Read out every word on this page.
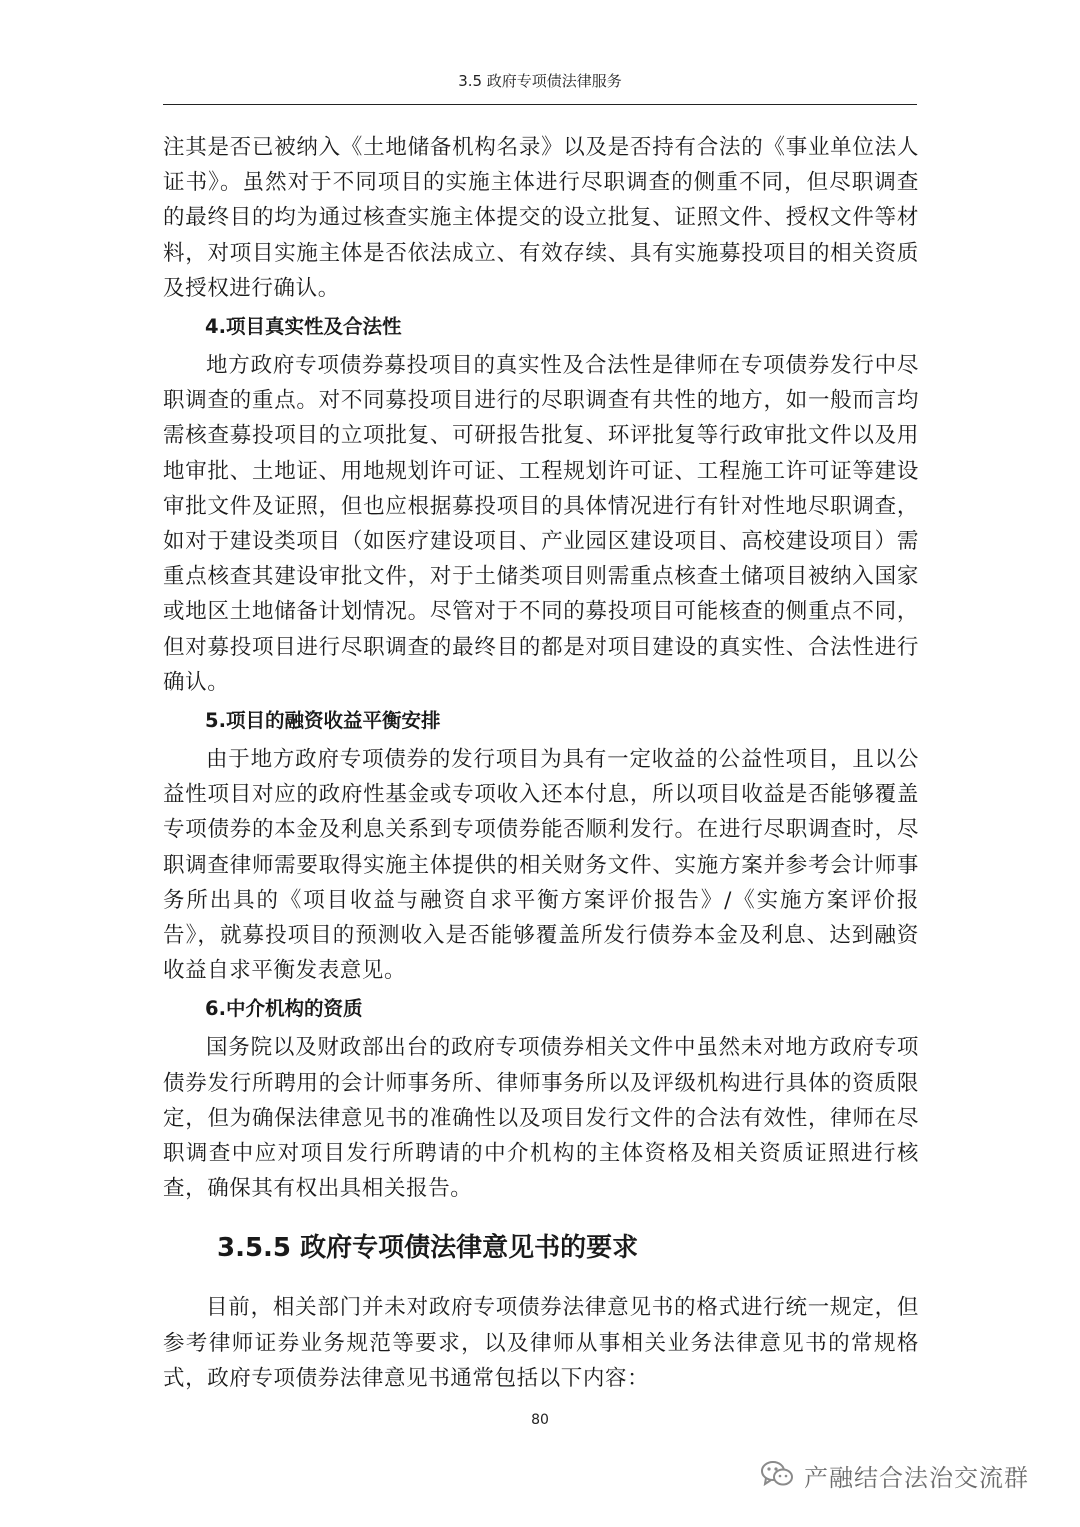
3.5 政府专项债法律服务

注其是否已被纳入《土地储备机构名录》以及是否持有合法的《事业单位法人证书》。虽然对于不同项目的实施主体进行尽职调查的侧重不同，但尽职调查的最终目的均为通过核查实施主体提交的设立批复、证照文件、授权文件等材料，对项目实施主体是否依法成立、有效存续、具有实施募投项目的相关资质及授权进行确认。

4.项目真实性及合法性

地方政府专项债券募投项目的真实性及合法性是律师在专项债券发行中尽职调查的重点。对不同募投项目进行的尽职调查有共性的地方，如一般而言均需核查募投项目的立项批复、可研报告批复、环评批复等行政审批文件以及用地审批、土地证、用地规划许可证、工程规划许可证、工程施工许可证等建设审批文件及证照，但也应根据募投项目的具体情况进行有针对性地尽职调查，如对于建设类项目（如医疗建设项目、产业园区建设项目、高校建设项目）需重点核查其建设审批文件，对于土储类项目则需重点核查土储项目被纳入国家或地区土地储备计划情况。尽管对于不同的募投项目可能核查的侧重点不同，但对募投项目进行尽职调查的最终目的都是对项目建设的真实性、合法性进行确认。

5.项目的融资收益平衡安排

由于地方政府专项债券的发行项目为具有一定收益的公益性项目，且以公益性项目对应的政府性基金或专项收入还本付息，所以项目收益是否能够覆盖专项债券的本金及利息关系到专项债券能否顺利发行。在进行尽职调查时，尽职调查律师需要取得实施主体提供的相关财务文件、实施方案并参考会计师事务所出具的《项目收益与融资自求平衡方案评价报告》/《实施方案评价报告》，就募投项目的预测收入是否能够覆盖所发行债券本金及利息、达到融资收益自求平衡发表意见。

6.中介机构的资质

国务院以及财政部出台的政府专项债券相关文件中虽然未对地方政府专项债券发行所聘用的会计师事务所、律师事务所以及评级机构进行具体的资质限定，但为确保法律意见书的准确性以及项目发行文件的合法有效性，律师在尽职调查中应对项目发行所聘请的中介机构的主体资格及相关资质证照进行核查，确保其有权出具相关报告。

3.5.5 政府专项债法律意见书的要求

目前，相关部门并未对政府专项债券法律意见书的格式进行统一规定，但参考律师证券业务规范等要求，以及律师从事相关业务法律意见书的常规格式，政府专项债券法律意见书通常包括以下内容：

80
产融结合法治交流群
